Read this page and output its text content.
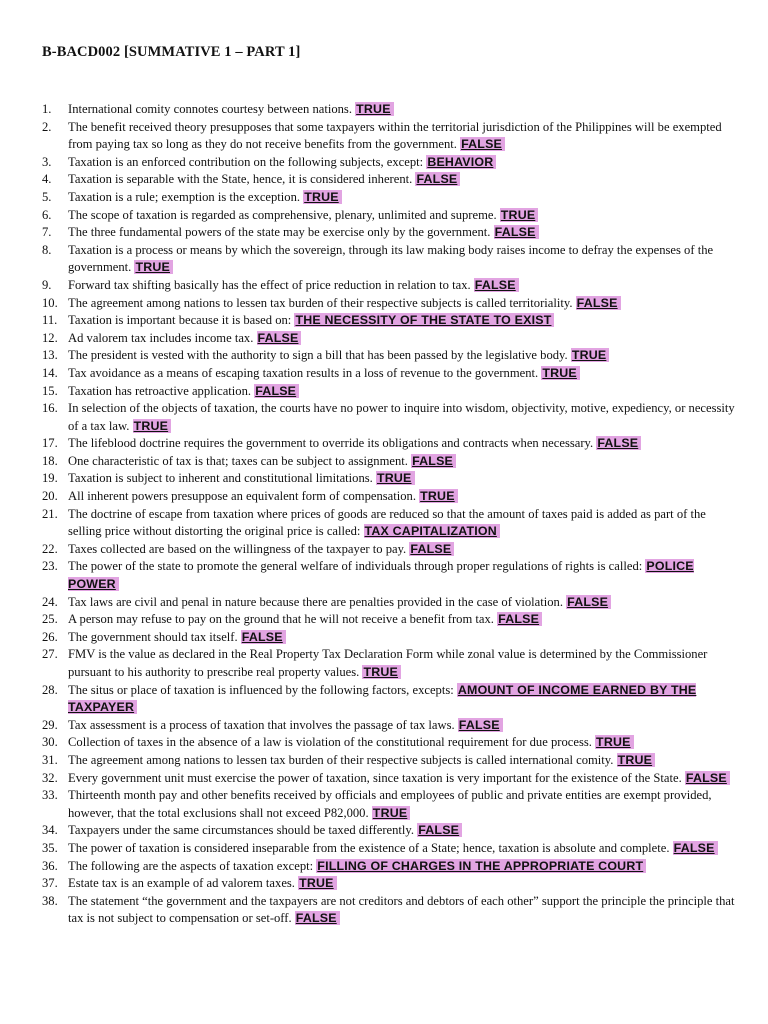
B-BACD002 [SUMMATIVE 1 – PART 1]
1. International comity connotes courtesy between nations. TRUE
2. The benefit received theory presupposes that some taxpayers within the territorial jurisdiction of the Philippines will be exempted from paying tax so long as they do not receive benefits from the government. FALSE
3. Taxation is an enforced contribution on the following subjects, except: BEHAVIOR
4. Taxation is separable with the State, hence, it is considered inherent. FALSE
5. Taxation is a rule; exemption is the exception. TRUE
6. The scope of taxation is regarded as comprehensive, plenary, unlimited and supreme. TRUE
7. The three fundamental powers of the state may be exercise only by the government. FALSE
8. Taxation is a process or means by which the sovereign, through its law making body raises income to defray the expenses of the government. TRUE
9. Forward tax shifting basically has the effect of price reduction in relation to tax. FALSE
10. The agreement among nations to lessen tax burden of their respective subjects is called territoriality. FALSE
11. Taxation is important because it is based on: THE NECESSITY OF THE STATE TO EXIST
12. Ad valorem tax includes income tax. FALSE
13. The president is vested with the authority to sign a bill that has been passed by the legislative body. TRUE
14. Tax avoidance as a means of escaping taxation results in a loss of revenue to the government. TRUE
15. Taxation has retroactive application. FALSE
16. In selection of the objects of taxation, the courts have no power to inquire into wisdom, objectivity, motive, expediency, or necessity of a tax law. TRUE
17. The lifeblood doctrine requires the government to override its obligations and contracts when necessary. FALSE
18. One characteristic of tax is that; taxes can be subject to assignment. FALSE
19. Taxation is subject to inherent and constitutional limitations. TRUE
20. All inherent powers presuppose an equivalent form of compensation. TRUE
21. The doctrine of escape from taxation where prices of goods are reduced so that the amount of taxes paid is added as part of the selling price without distorting the original price is called: TAX CAPITALIZATION
22. Taxes collected are based on the willingness of the taxpayer to pay. FALSE
23. The power of the state to promote the general welfare of individuals through proper regulations of rights is called: POLICE POWER
24. Tax laws are civil and penal in nature because there are penalties provided in the case of violation. FALSE
25. A person may refuse to pay on the ground that he will not receive a benefit from tax. FALSE
26. The government should tax itself. FALSE
27. FMV is the value as declared in the Real Property Tax Declaration Form while zonal value is determined by the Commissioner pursuant to his authority to prescribe real property values. TRUE
28. The situs or place of taxation is influenced by the following factors, excepts: AMOUNT OF INCOME EARNED BY THE TAXPAYER
29. Tax assessment is a process of taxation that involves the passage of tax laws. FALSE
30. Collection of taxes in the absence of a law is violation of the constitutional requirement for due process. TRUE
31. The agreement among nations to lessen tax burden of their respective subjects is called international comity. TRUE
32. Every government unit must exercise the power of taxation, since taxation is very important for the existence of the State. FALSE
33. Thirteenth month pay and other benefits received by officials and employees of public and private entities are exempt provided, however, that the total exclusions shall not exceed P82,000. TRUE
34. Taxpayers under the same circumstances should be taxed differently. FALSE
35. The power of taxation is considered inseparable from the existence of a State; hence, taxation is absolute and complete. FALSE
36. The following are the aspects of taxation except: FILLING OF CHARGES IN THE APPROPRIATE COURT
37. Estate tax is an example of ad valorem taxes. TRUE
38. The statement “the government and the taxpayers are not creditors and debtors of each other” support the principle the principle that tax is not subject to compensation or set-off. FALSE
